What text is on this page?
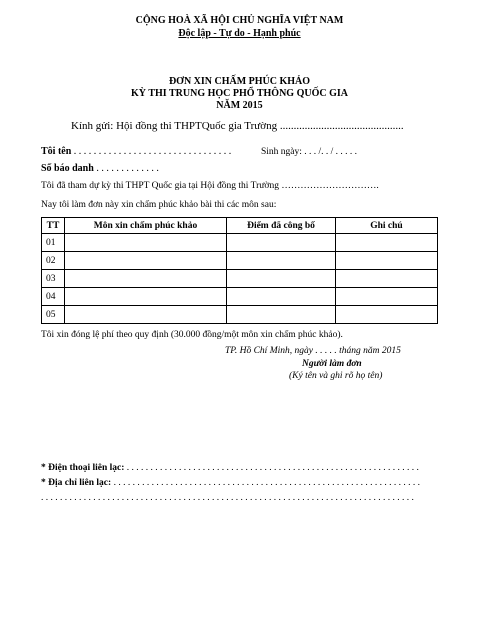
CỘNG HOÀ XÃ HỘI CHỦ NGHĨA VIỆT NAM
Độc lập - Tự do - Hạnh phúc
ĐƠN XIN CHẤM PHÚC KHẢO
KỲ THI TRUNG HỌC PHỔ THÔNG QUỐC GIA
NĂM 2015
Kính gửi: Hội đồng thi THPTQuốc gia Trường .............................................
Tôi tên . . . . . . . . . . . . . . . . . . . . . . . . . . . . . . . .	Sinh ngày: . . . /. . / . . . . .
Số báo danh . . . . . . . . . . . . .
Tôi đã tham dự kỳ thi THPT Quốc gia tại Hội đồng thi Trường ………………………….
Nay tôi làm đơn này xin chấm phúc khảo bài thi các môn sau:
TT	Môn xin chấm phúc khảo	Điểm đã công bố	Ghi chú
01			
02			
03			
04			
05			
Tôi xin đóng lệ phí theo quy định (30.000 đồng/một môn xin chấm phúc khảo).
TP. Hồ Chí Minh, ngày . . . . . tháng năm 2015
Người làm đơn
(Ký tên và ghi rõ họ tên)
* Điện thoại liên lạc: . . . . . . . . . . . . . . . . . . . . . . . . . . . . . . . . . . . . . . . . . . . . . . . . . . . . . . . . . . . . . .
* Địa chỉ liên lạc: . . . . . . . . . . . . . . . . . . . . . . . . . . . . . . . . . . . . . . . . . . . . . . . . . . . . . . . . . . . . . . . . .
. . . . . . . . . . . . . . . . . . . . . . . . . . . . . . . . . . . . . . . . . . . . . . . . . . . . . . . . . . . . . . . . . . . . . . . . . . . . . . .
